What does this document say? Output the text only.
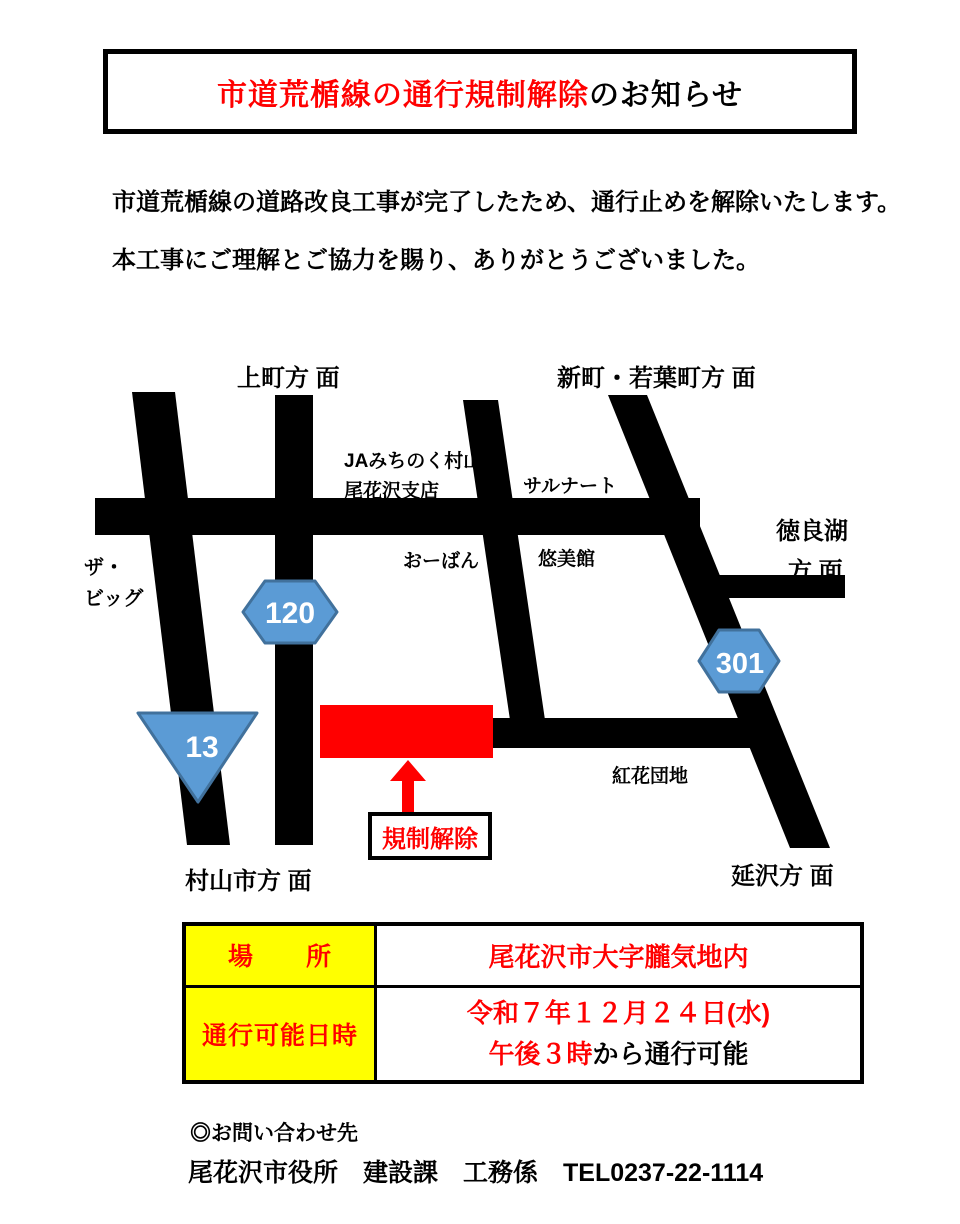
市道荒楯線の通行規制解除のお知らせ
市道荒楯線の道路改良工事が完了したため、通行止めを解除いたします。
本工事にご理解とご協力を賜り、ありがとうございました。
120
301
13
上町方 面	新町・若葉町方 面
JAみちのく村山
尾花沢支店	サルナート
おーばん	悠美館
ザ・
ビッグ
徳良湖
方 面
紅花団地
延沢方 面
村山市方 面
規制解除
場　　所	尾花沢市大字朧気地内
通行可能日時	令和７年１２月２４日(水)
午後３時から通行可能
◎お問い合わせ先
尾花沢市役所　建設課　工務係　TEL0237-22-1114
